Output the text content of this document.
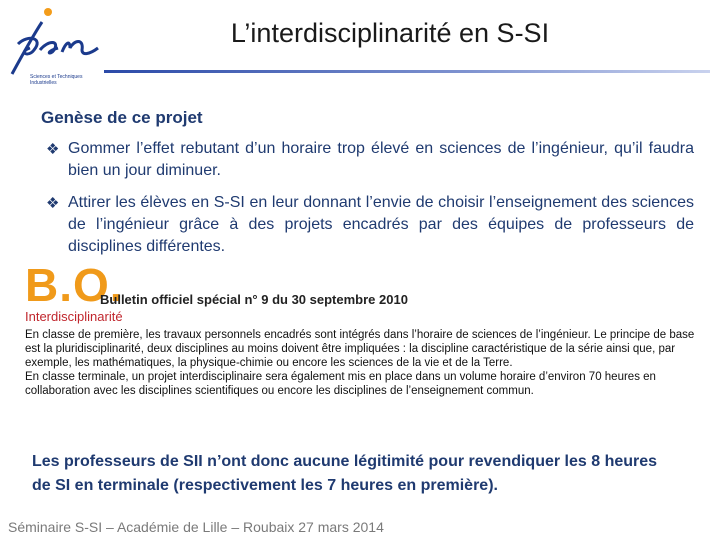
Sciences et Techniques Industrielles
L’interdisciplinarité en S-SI
Genèse de ce projet
❖ Gommer l’effet rebutant d’un horaire trop élevé en sciences de l’ingénieur, qu’il faudra bien un jour diminuer.
❖ Attirer les élèves en S-SI en leur donnant l’envie de choisir l’enseignement des sciences de l’ingénieur grâce à des projets encadrés par des équipes de professeurs de disciplines différentes.
B.O.
Bulletin officiel spécial n° 9 du 30 septembre 2010
Interdisciplinarité

En classe de première, les travaux personnels encadrés sont intégrés dans l’horaire de sciences de l’ingénieur. Le principe de base est la pluridisciplinarité, deux disciplines au moins doivent être impliquées : la discipline caractéristique de la série ainsi que, par exemple, les mathématiques, la physique-chimie ou encore les sciences de la vie et de la Terre.

En classe terminale, un projet interdisciplinaire sera également mis en place dans un volume horaire d’environ 70 heures en collaboration avec les disciplines scientifiques ou encore les disciplines de l’enseignement commun.

Les professeurs de SII n’ont donc aucune légitimité pour revendiquer les 8 heures de SI en terminale (respectivement les 7 heures en première).
Séminaire S-SI – Académie de Lille – Roubaix 27 mars 2014
